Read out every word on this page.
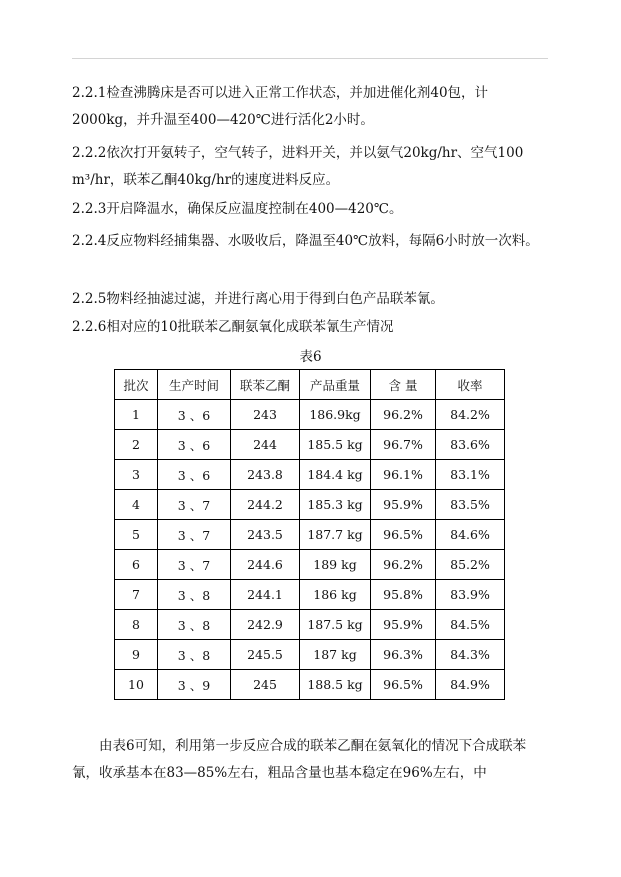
2.2.1检查沸腾床是否可以进入正常工作状态，并加进催化剂40包，计2000kg，并升温至400—420℃进行活化2小时。

2.2.2依次打开氨转子，空气转子，进料开关，并以氨气20kg/hr、空气100 m³/hr，联苯乙酮40kg/hr的速度进料反应。

2.2.3开启降温水，确保反应温度控制在400—420℃。

2.2.4反应物料经捕集器、水吸收后，降温至40℃放料，每隔6小时放一次料。

2.2.5物料经抽滤过滤，并进行离心用于得到白色产品联苯氰。

2.2.6相对应的10批联苯乙酮氨氧化成联苯氰生产情况

表6
批次	生产时间	联苯乙酮	产品重量	含 量	收率
1	3 、6	243	186.9kg	96.2%	84.2%
2	3 、6	244	185.5 kg	96.7%	83.6%
3	3 、6	243.8	184.4 kg	96.1%	83.1%
4	3 、7	244.2	185.3 kg	95.9%	83.5%
5	3 、7	243.5	187.7 kg	96.5%	84.6%
6	3 、7	244.6	189 kg	96.2%	85.2%
7	3 、8	244.1	186 kg	95.8%	83.9%
8	3 、8	242.9	187.5 kg	95.9%	84.5%
9	3 、8	245.5	187 kg	96.3%	84.3%
10	3 、9	245	188.5 kg	96.5%	84.9%

由表6可知，利用第一步反应合成的联苯乙酮在氨氧化的情况下合成联苯氰，收承基本在83—85%左右，粗品含量也基本稳定在96%左右，中
